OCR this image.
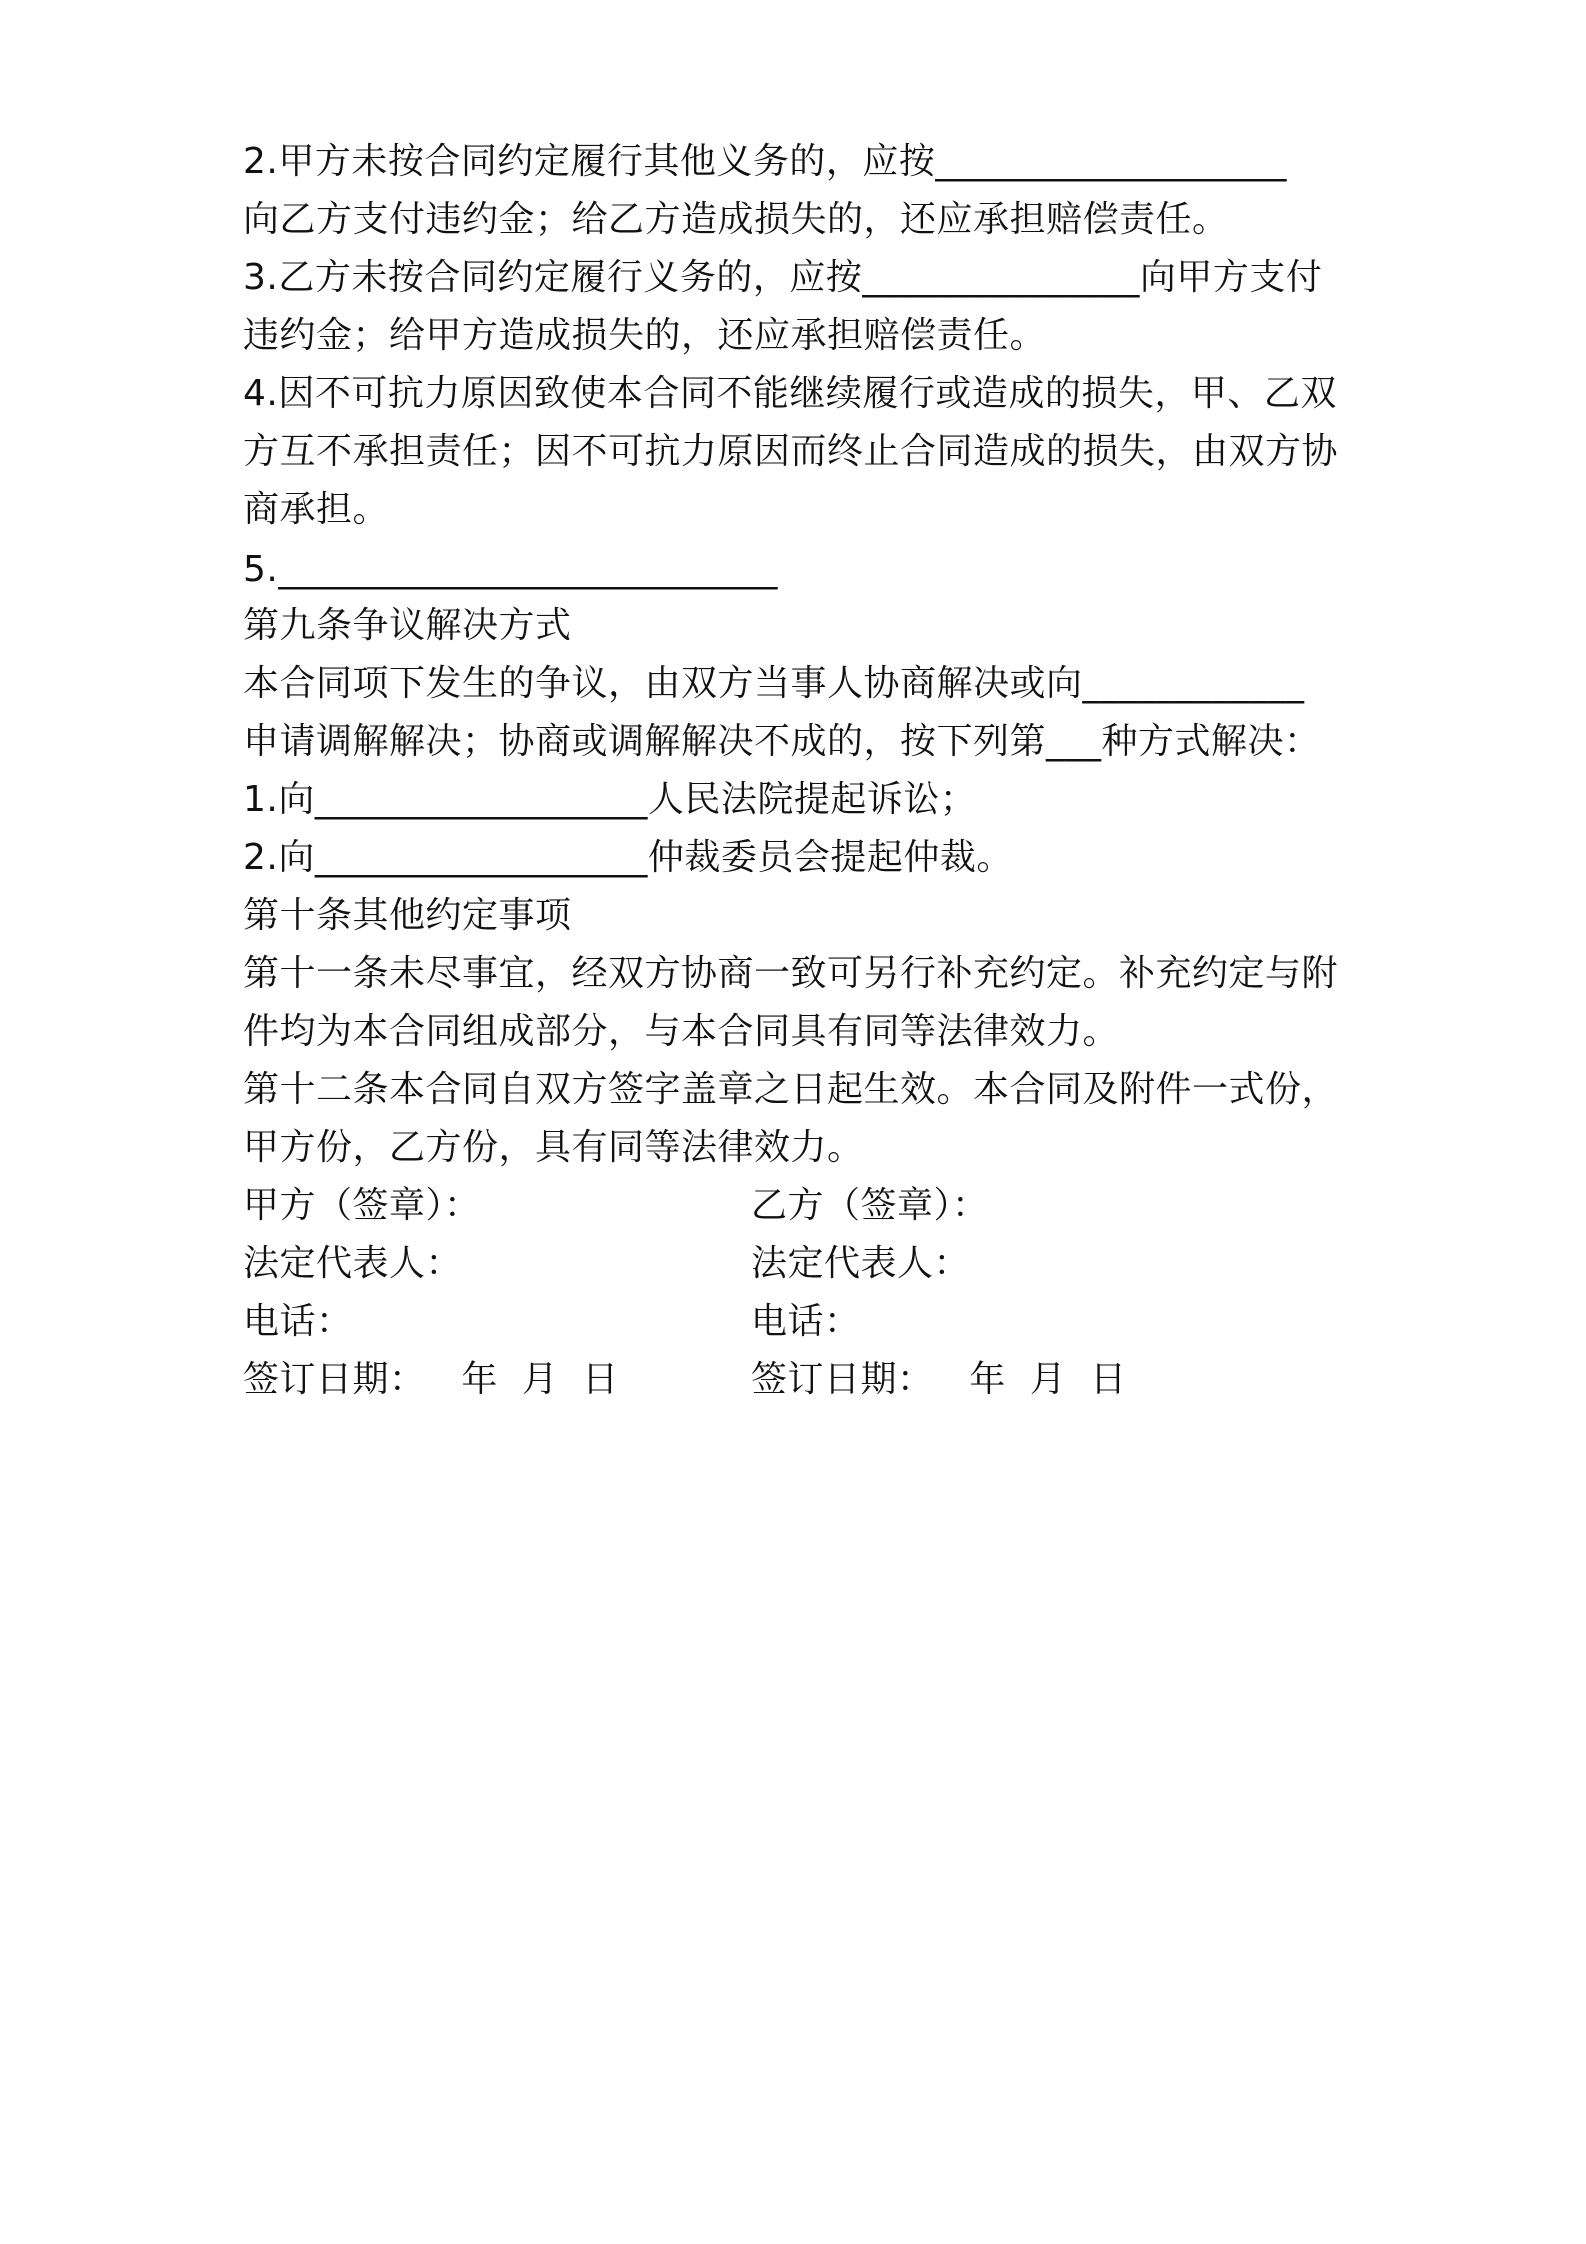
2.甲方未按合同约定履行其他义务的，应按___________________
向乙方支付违约金；给乙方造成损失的，还应承担赔偿责任。
3.乙方未按合同约定履行义务的，应按_______________向甲方支付
违约金；给甲方造成损失的，还应承担赔偿责任。
4.因不可抗力原因致使本合同不能继续履行或造成的损失，甲、乙双
方互不承担责任；因不可抗力原因而终止合同造成的损失，由双方协
商承担。
5.___________________________
第九条争议解决方式
本合同项下发生的争议，由双方当事人协商解决或向____________
申请调解解决；协商或调解解决不成的，按下列第___种方式解决：
1.向__________________人民法院提起诉讼；
2.向__________________仲裁委员会提起仲裁。
第十条其他约定事项
第十一条未尽事宜，经双方协商一致可另行补充约定。补充约定与附
件均为本合同组成部分，与本合同具有同等法律效力。
第十二条本合同自双方签字盖章之日起生效。本合同及附件一式份，
甲方份，乙方份，具有同等法律效力。
甲方（签章）：	乙方（签章）：
法定代表人：	法定代表人：
电话：	电话：
签订日期：   年  月  日	签订日期：   年  月  日
